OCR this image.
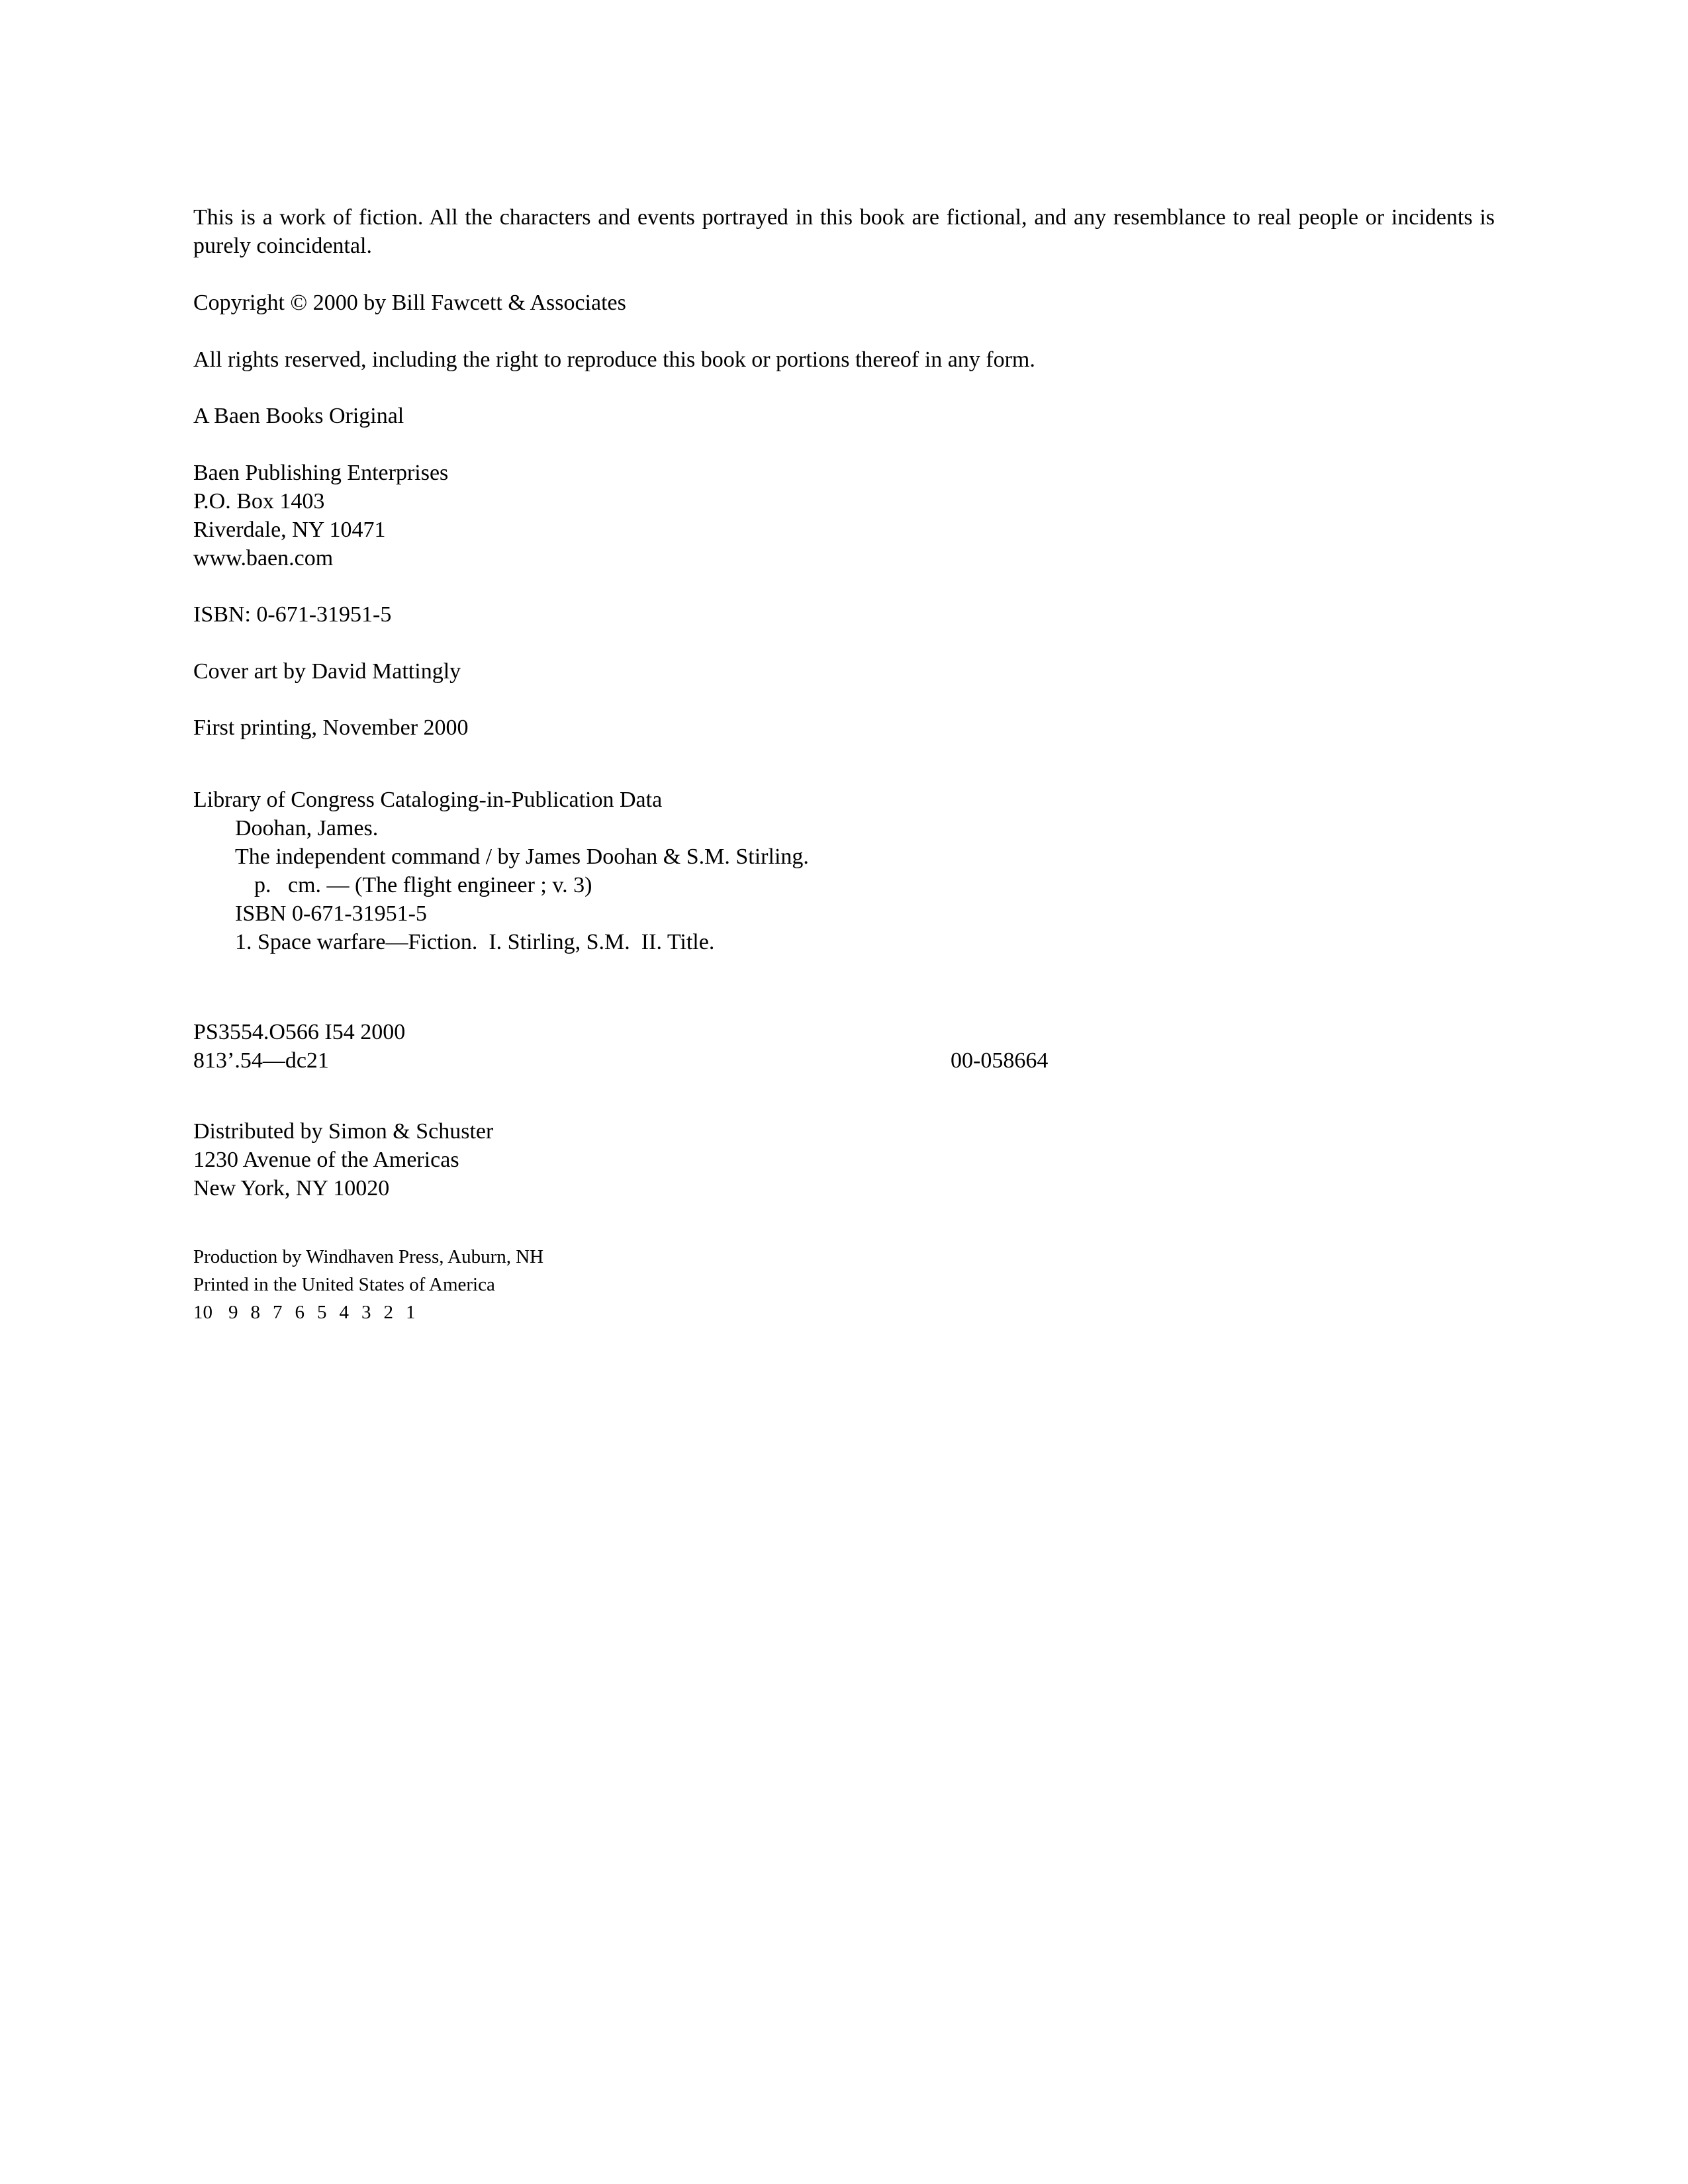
This is a work of fiction. All the characters and events portrayed in this book are fictional, and any resemblance to real people or incidents is purely coincidental.
Copyright © 2000 by Bill Fawcett & Associates
All rights reserved, including the right to reproduce this book or portions thereof in any form.
A Baen Books Original
Baen Publishing Enterprises
P.O. Box 1403
Riverdale, NY 10471
www.baen.com
ISBN: 0-671-31951-5
Cover art by David Mattingly
First printing, November 2000
Library of Congress Cataloging-in-Publication Data
Doohan, James.
The independent command / by James Doohan & S.M. Stirling.
p.   cm. — (The flight engineer ; v. 3)
ISBN 0-671-31951-5
1. Space warfare—Fiction.  I. Stirling, S.M.  II. Title.
PS3554.O566 I54 2000
813’.54—dc21	00-058664
Distributed by Simon & Schuster
1230 Avenue of the Americas
New York, NY 10020
Production by Windhaven Press, Auburn, NH
Printed in the United States of America
10 9 8 7 6 5 4 3 2 1
